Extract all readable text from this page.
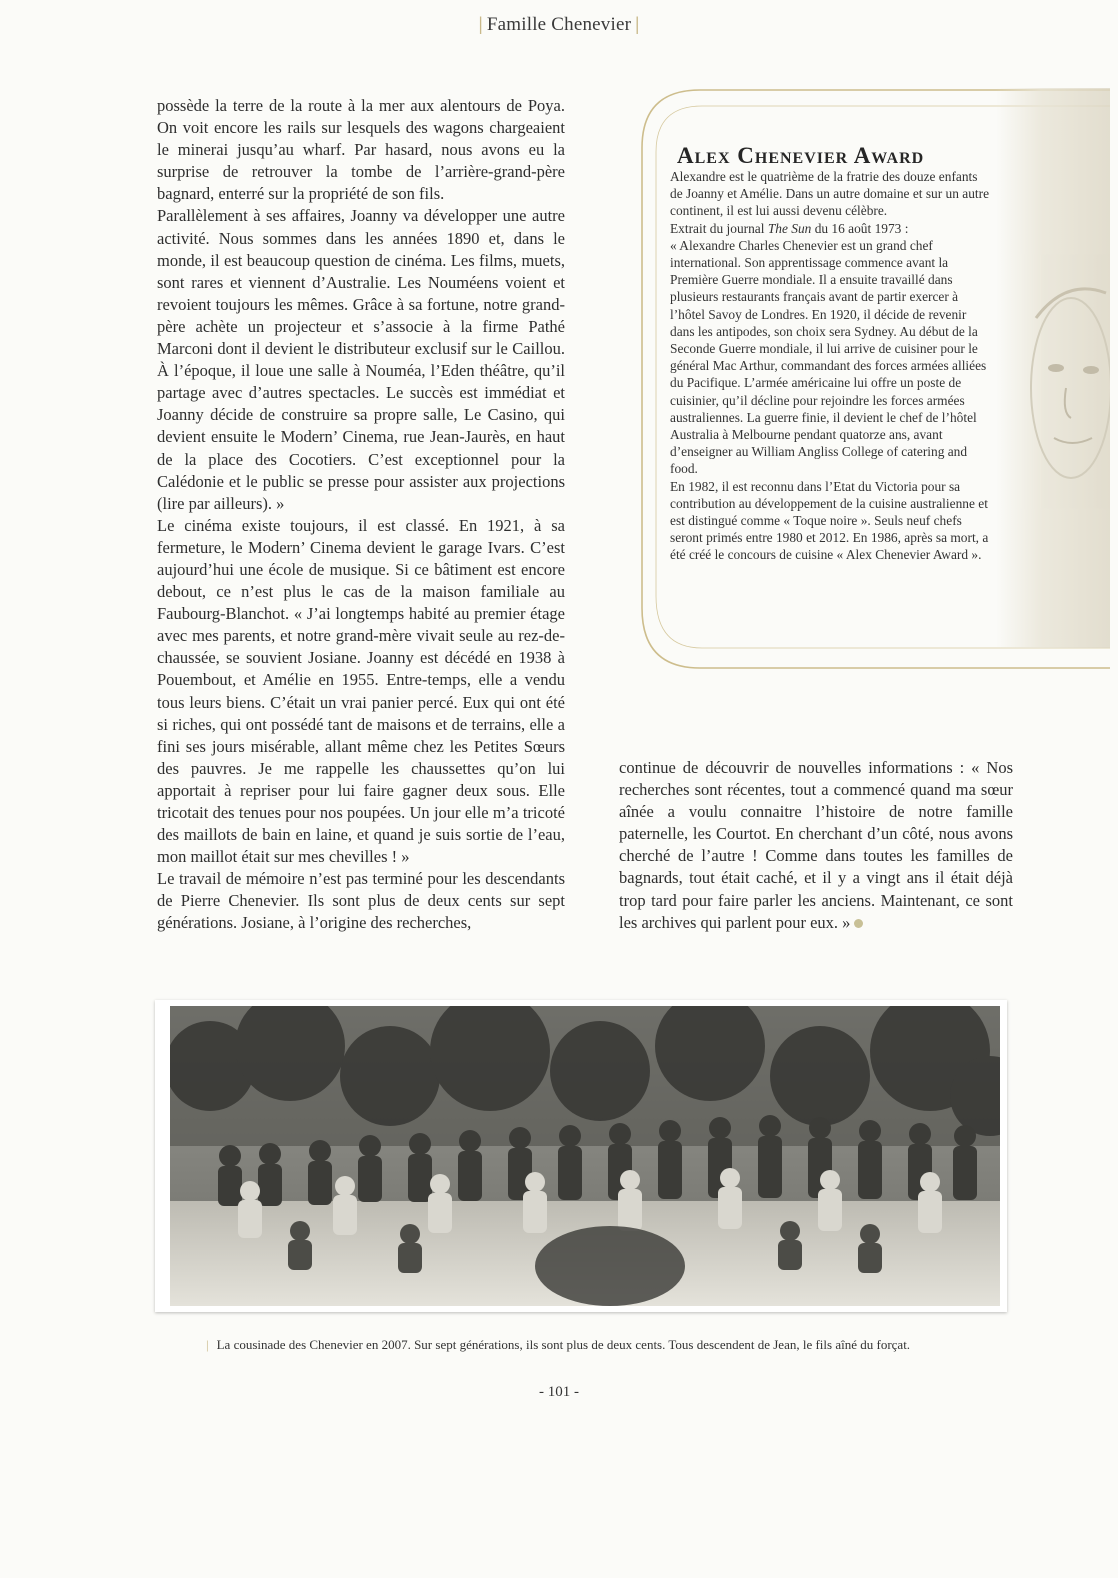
| Famille Chenevier |

possède la terre de la route à la mer aux alentours de Poya. On voit encore les rails sur lesquels des wagons chargeaient le minerai jusqu’au wharf. Par hasard, nous avons eu la surprise de retrouver la tombe de l’arrière-grand-père bagnard, enterré sur la propriété de son fils.

Parallèlement à ses affaires, Joanny va développer une autre activité. Nous sommes dans les années 1890 et, dans le monde, il est beaucoup question de cinéma. Les films, muets, sont rares et viennent d’Australie. Les Nouméens voient et revoient toujours les mêmes. Grâce à sa fortune, notre grand-père achète un projecteur et s’associe à la firme Pathé Marconi dont il devient le distributeur exclusif sur le Caillou. À l’époque, il loue une salle à Nouméa, l’Eden théâtre, qu’il partage avec d’autres spectacles. Le succès est immédiat et Joanny décide de construire sa propre salle, Le Casino, qui devient ensuite le Modern’ Cinema, rue Jean-Jaurès, en haut de la place des Cocotiers. C’est exceptionnel pour la Calédonie et le public se presse pour assister aux projections (lire par ailleurs). »

Le cinéma existe toujours, il est classé. En 1921, à sa fermeture, le Modern’ Cinema devient le garage Ivars. C’est aujourd’hui une école de musique. Si ce bâtiment est encore debout, ce n’est plus le cas de la maison familiale au Faubourg-Blanchot. « J’ai longtemps habité au premier étage avec mes parents, et notre grand-mère vivait seule au rez-de-chaussée, se souvient Josiane. Joanny est décédé en 1938 à Pouembout, et Amélie en 1955. Entre-temps, elle a vendu tous leurs biens. C’était un vrai panier percé. Eux qui ont été si riches, qui ont possédé tant de maisons et de terrains, elle a fini ses jours misérable, allant même chez les Petites Sœurs des pauvres. Je me rappelle les chaussettes qu’on lui apportait à repriser pour lui faire gagner deux sous. Elle tricotait des tenues pour nos poupées. Un jour elle m’a tricoté des maillots de bain en laine, et quand je suis sortie de l’eau, mon maillot était sur mes chevilles ! »

Le travail de mémoire n’est pas terminé pour les descendants de Pierre Chenevier. Ils sont plus de deux cents sur sept générations. Josiane, à l’origine des recherches,

Alex Chenevier Award

Alexandre est le quatrième de la fratrie des douze enfants de Joanny et Amélie. Dans un autre domaine et sur un autre continent, il est lui aussi devenu célèbre.

Extrait du journal The Sun du 16 août 1973 :

« Alexandre Charles Chenevier est un grand chef international. Son apprentissage commence avant la Première Guerre mondiale. Il a ensuite travaillé dans plusieurs restaurants français avant de partir exercer à l’hôtel Savoy de Londres. En 1920, il décide de revenir dans les antipodes, son choix sera Sydney. Au début de la Seconde Guerre mondiale, il lui arrive de cuisiner pour le général Mac Arthur, commandant des forces armées alliées du Pacifique. L’armée américaine lui offre un poste de cuisinier, qu’il décline pour rejoindre les forces armées australiennes. La guerre finie, il devient le chef de l’hôtel Australia à Melbourne pendant quatorze ans, avant d’enseigner au William Angliss College of catering and food.

En 1982, il est reconnu dans l’Etat du Victoria pour sa contribution au développement de la cuisine australienne et est distingué comme « Toque noire ». Seuls neuf chefs seront primés entre 1980 et 2012. En 1986, après sa mort, a été créé le concours de cuisine « Alex Chenevier Award ».

continue de découvrir de nouvelles informations : « Nos recherches sont récentes, tout a commencé quand ma sœur aînée a voulu connaitre l’histoire de notre famille paternelle, les Courtot. En cherchant d’un côté, nous avons cherché de l’autre ! Comme dans toutes les familles de bagnards, tout était caché, et il y a vingt ans il était déjà trop tard pour faire parler les anciens. Maintenant, ce sont les archives qui parlent pour eux. »

| La cousinade des Chenevier en 2007. Sur sept générations, ils sont plus de deux cents. Tous descendent de Jean, le fils aîné du forçat.
- 101 -
